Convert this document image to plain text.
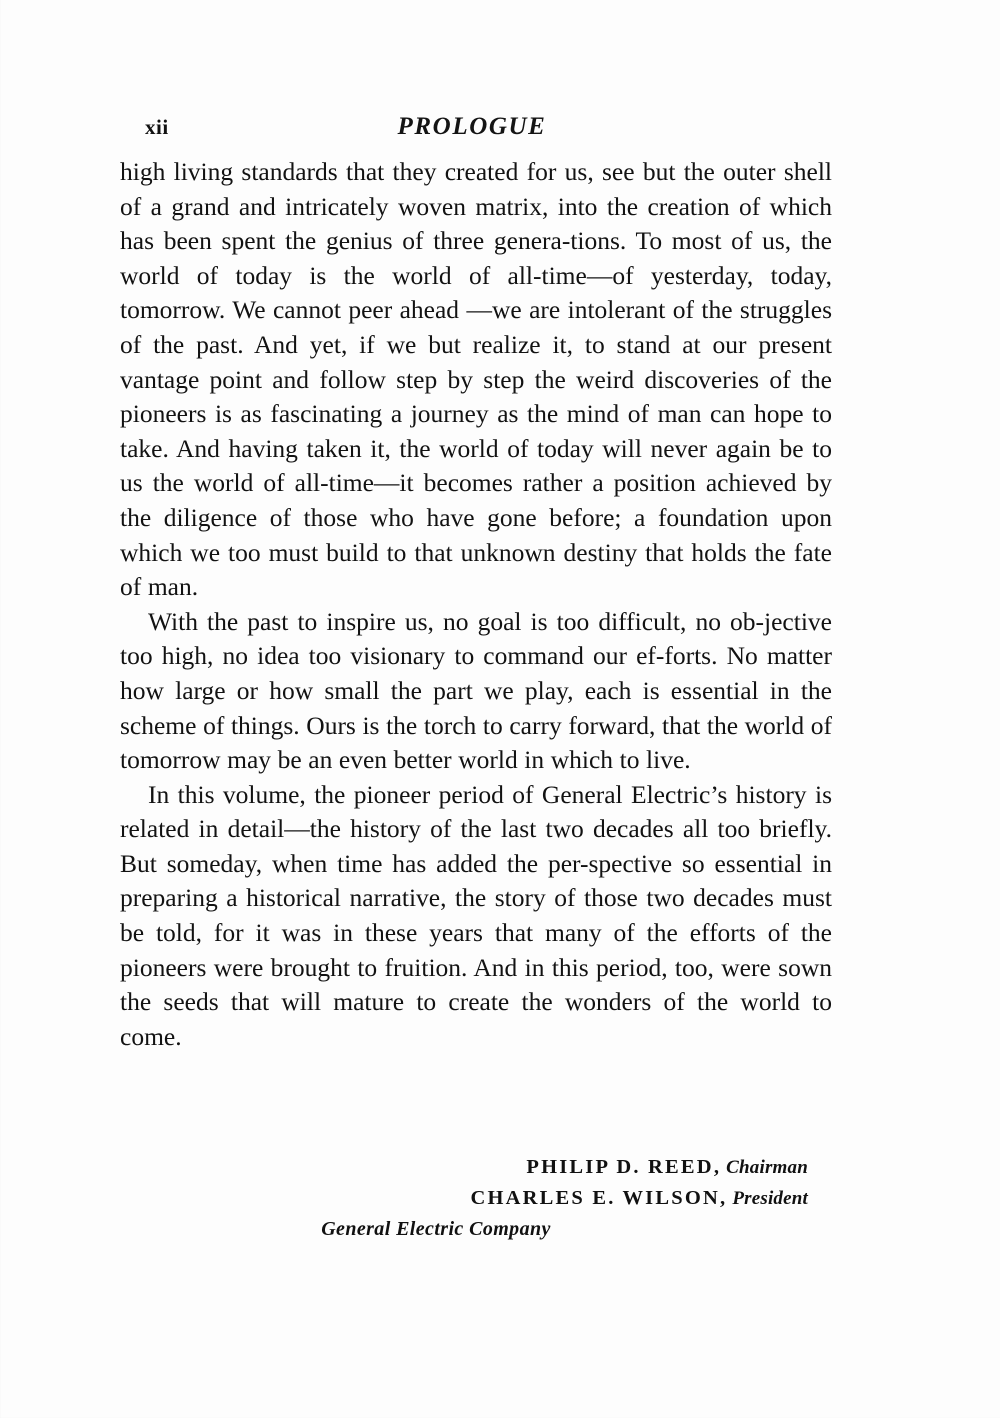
xii	PROLOGUE

high living standards that they created for us, see but the outer shell of a grand and intricately woven matrix, into the creation of which has been spent the genius of three genera-tions. To most of us, the world of today is the world of all-time—of yesterday, today, tomorrow. We cannot peer ahead —we are intolerant of the struggles of the past. And yet, if we but realize it, to stand at our present vantage point and follow step by step the weird discoveries of the pioneers is as fascinating a journey as the mind of man can hope to take. And having taken it, the world of today will never again be to us the world of all-time—it becomes rather a position achieved by the diligence of those who have gone before; a foundation upon which we too must build to that unknown destiny that holds the fate of man.

With the past to inspire us, no goal is too difficult, no ob-jective too high, no idea too visionary to command our ef-forts. No matter how large or how small the part we play, each is essential in the scheme of things. Ours is the torch to carry forward, that the world of tomorrow may be an even better world in which to live.

In this volume, the pioneer period of General Electric’s history is related in detail—the history of the last two decades all too briefly. But someday, when time has added the per-spective so essential in preparing a historical narrative, the story of those two decades must be told, for it was in these years that many of the efforts of the pioneers were brought to fruition. And in this period, too, were sown the seeds that will mature to create the wonders of the world to come.

PHILIP D. REED, Chairman
CHARLES E. WILSON, President
General Electric Company
